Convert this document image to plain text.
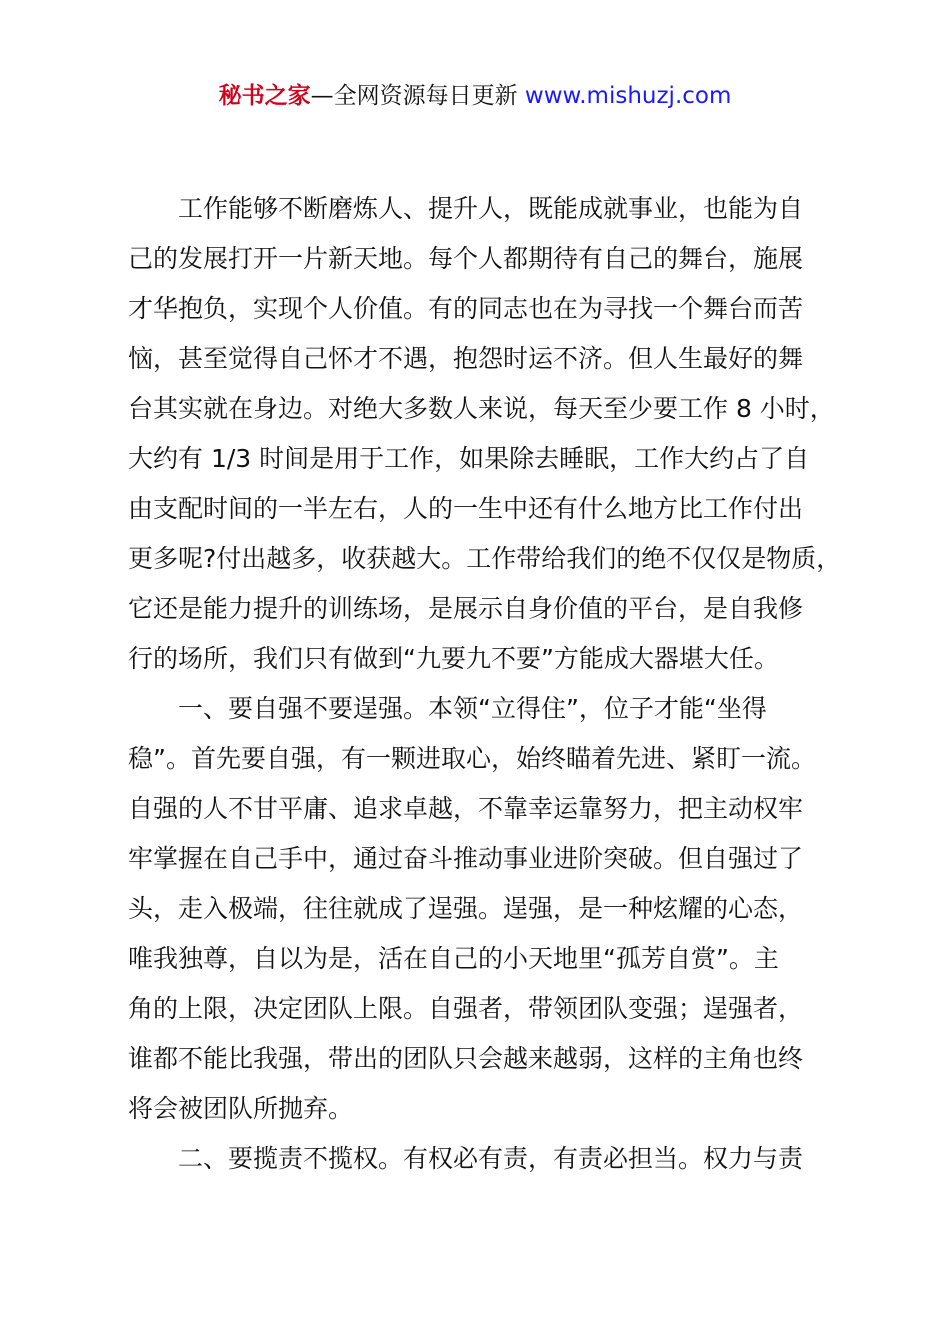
秘书之家—全网资源每日更新 www.mishuzj.com
工作能够不断磨炼人、提升人，既能成就事业，也能为自
己的发展打开一片新天地。每个人都期待有自己的舞台，施展
才华抱负，实现个人价值。有的同志也在为寻找一个舞台而苦
恼，甚至觉得自己怀才不遇，抱怨时运不济。但人生最好的舞
台其实就在身边。对绝大多数人来说，每天至少要工作 8 小时，
大约有 1/3 时间是用于工作，如果除去睡眠，工作大约占了自
由支配时间的一半左右，人的一生中还有什么地方比工作付出
更多呢?付出越多，收获越大。工作带给我们的绝不仅仅是物质，
它还是能力提升的训练场，是展示自身价值的平台，是自我修
行的场所，我们只有做到“九要九不要”方能成大器堪大任。
一、要自强不要逞强。本领“立得住”，位子才能“坐得
稳”。首先要自强，有一颗进取心，始终瞄着先进、紧盯一流。
自强的人不甘平庸、追求卓越，不靠幸运靠努力，把主动权牢
牢掌握在自己手中，通过奋斗推动事业进阶突破。但自强过了
头，走入极端，往往就成了逞强。逞强，是一种炫耀的心态，
唯我独尊，自以为是，活在自己的小天地里“孤芳自赏”。主
角的上限，决定团队上限。自强者，带领团队变强；逞强者，
谁都不能比我强，带出的团队只会越来越弱，这样的主角也终
将会被团队所抛弃。
二、要揽责不揽权。有权必有责，有责必担当。权力与责
